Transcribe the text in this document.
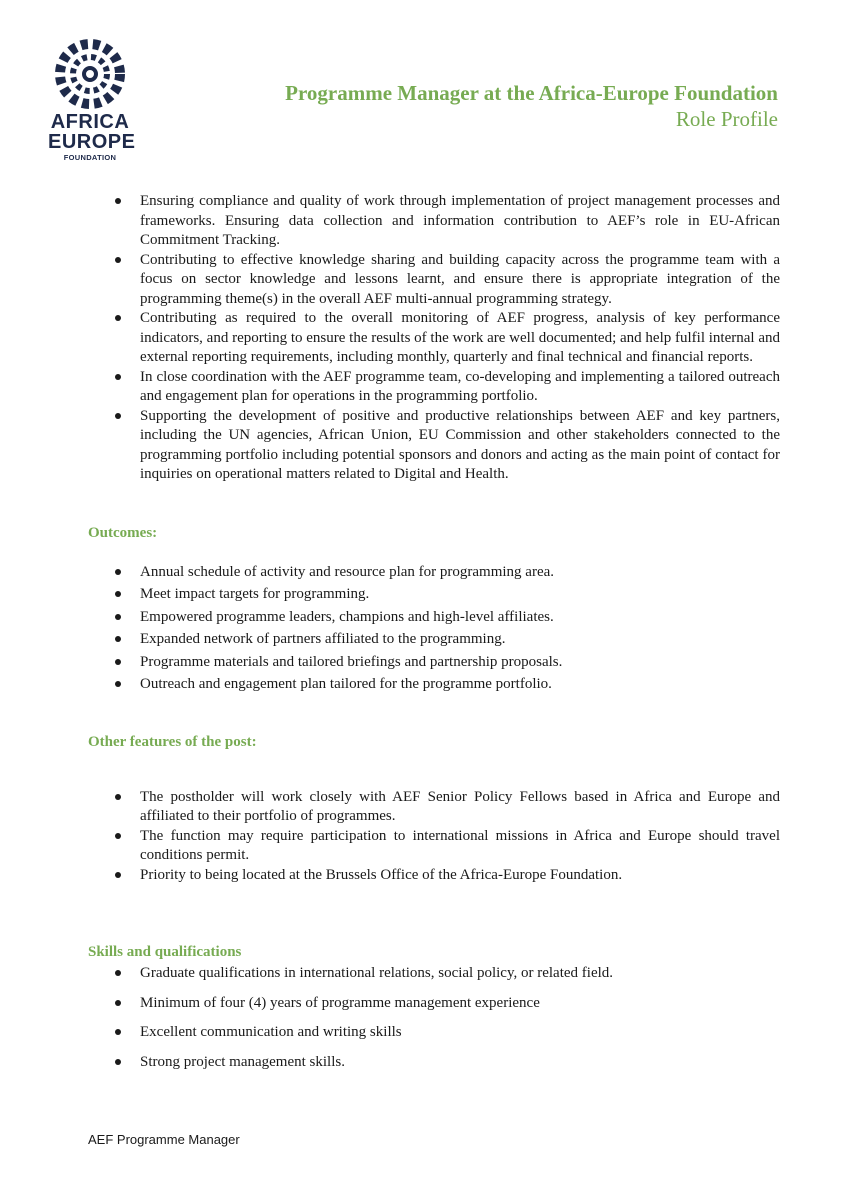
AFRICA
EUROPE
FOUNDATION
Programme Manager at the Africa-Europe Foundation
Role Profile
Ensuring compliance and quality of work through implementation of project management processes and frameworks. Ensuring data collection and information contribution to AEF’s role in EU-African Commitment Tracking.
Contributing to effective knowledge sharing and building capacity across the programme team with a focus on sector knowledge and lessons learnt, and ensure there is appropriate integration of the programming theme(s) in the overall AEF multi-annual programming strategy.
Contributing as required to the overall monitoring of AEF progress, analysis of key performance indicators, and reporting to ensure the results of the work are well documented; and help fulfil internal and external reporting requirements, including monthly, quarterly and final technical and financial reports.
In close coordination with the AEF programme team, co-developing and implementing a tailored outreach and engagement plan for operations in the programming portfolio.
Supporting the development of positive and productive relationships between AEF and key partners, including the UN agencies, African Union, EU Commission and other stakeholders connected to the programming portfolio including potential sponsors and donors and acting as the main point of contact for inquiries on operational matters related to Digital and Health.
Outcomes:
Annual schedule of activity and resource plan for programming area.
Meet impact targets for programming.
Empowered programme leaders, champions and high-level affiliates.
Expanded network of partners affiliated to the programming.
Programme materials and tailored briefings and partnership proposals.
Outreach and engagement plan tailored for the programme portfolio.
Other features of the post:
The postholder will work closely with AEF Senior Policy Fellows based in Africa and Europe and affiliated to their portfolio of programmes.
The function may require participation to international missions in Africa and Europe should travel conditions permit.
Priority to being located at the Brussels Office of the Africa-Europe Foundation.
Skills and qualifications
Graduate qualifications in international relations, social policy, or related field.
Minimum of four (4) years of programme management experience
Excellent communication and writing skills
Strong project management skills.
AEF Programme Manager
